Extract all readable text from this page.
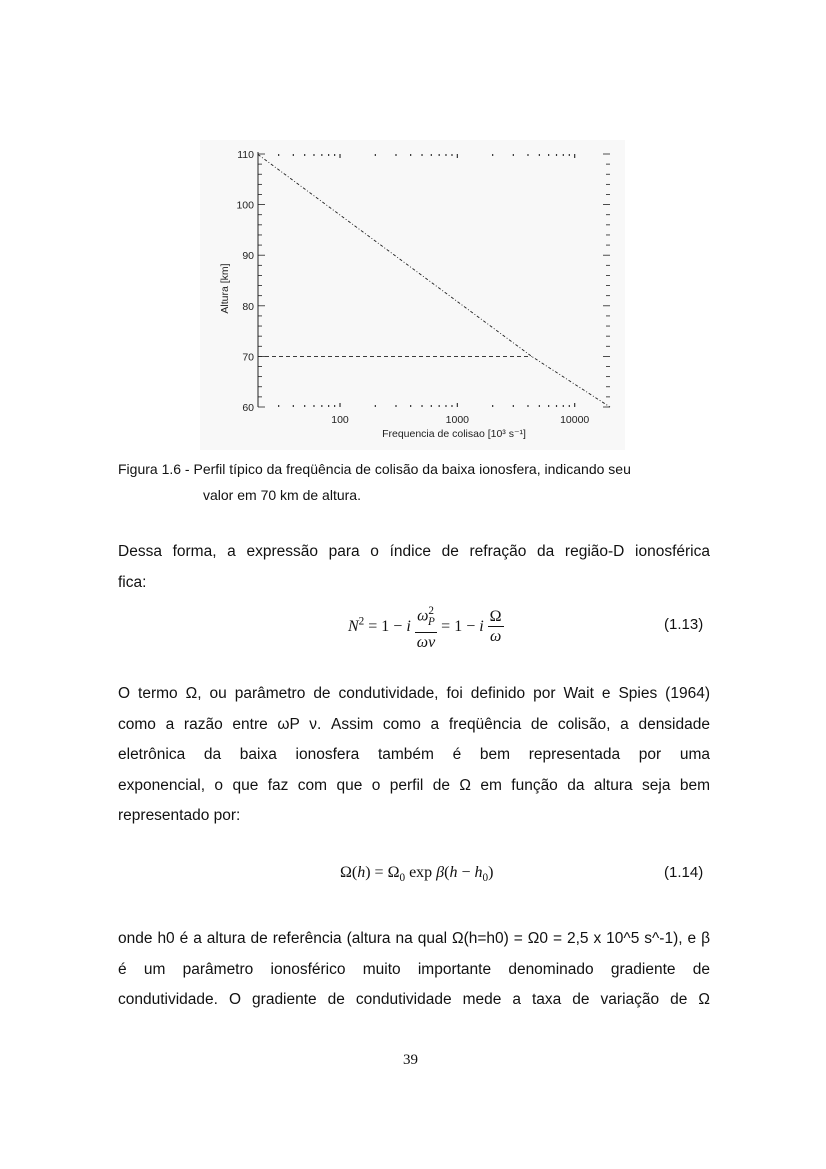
60
70
80
90
100
110
100	1000	10000
Frequencia de colisao [10³ s⁻¹]
Altura [km]
Figura 1.6 - Perfil típico da freqüência de colisão da baixa ionosfera, indicando seu
valor em 70 km de altura.
Dessa forma, a expressão para o índice de refração da região-D ionosférica
fica:
$N^2 = 1 - i \frac{\omega^2_P}{\omega\nu} = 1 - i \frac{\Omega}{\omega}$	(1.13)
O termo Ω, ou parâmetro de condutividade, foi definido por Wait e Spies (1964)
como a razão entre ωP ν. Assim como a freqüência de colisão, a densidade
eletrônica da baixa ionosfera também é bem representada por uma
exponencial, o que faz com que o perfil de Ω em função da altura seja bem
representado por:
$\Omega(h) = \Omega_0$ $\exp \beta(h - h_0)$	(1.14)
onde h0 é a altura de referência (altura na qual Ω(h=h0) = Ω0 = 2,5 x 10^5 s^-1), e β
é um parâmetro ionosférico muito importante denominado gradiente de
condutividade. O gradiente de condutividade mede a taxa de variação de Ω
39
